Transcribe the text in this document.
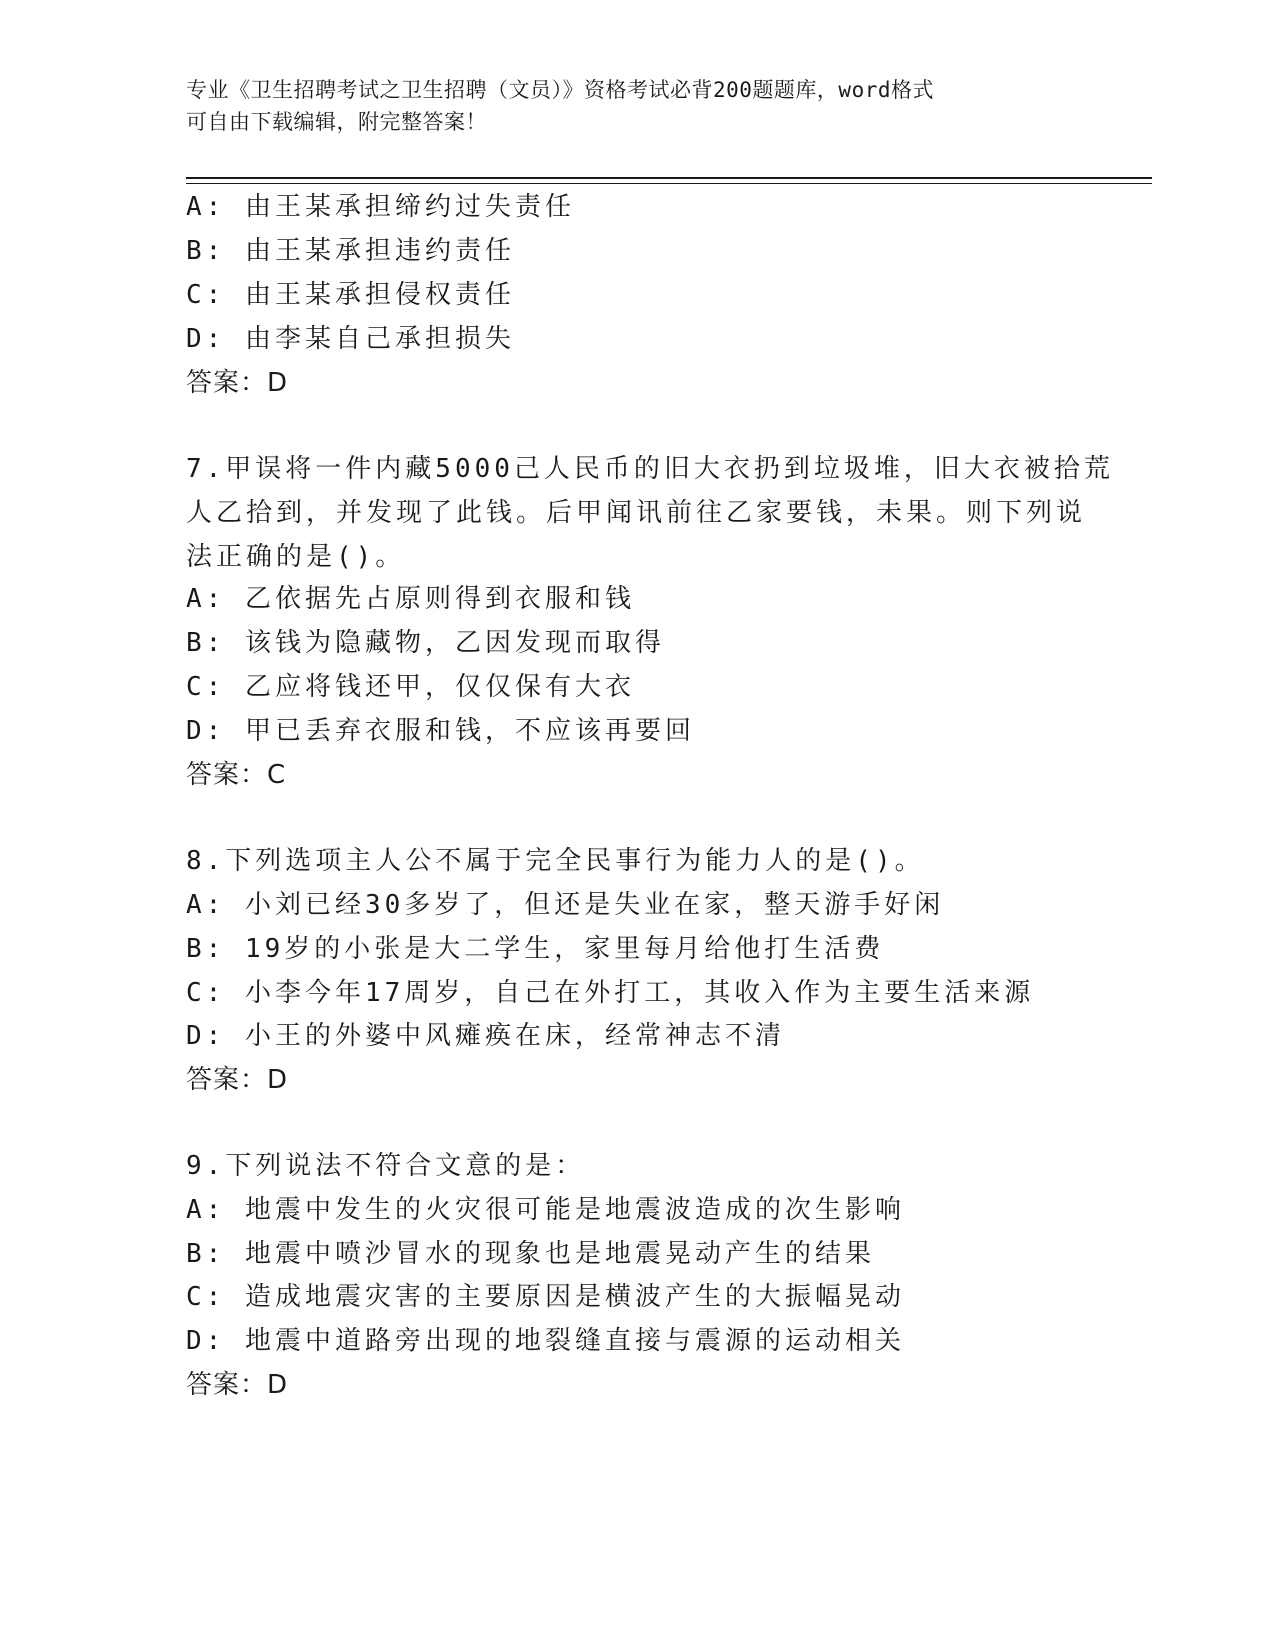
专业《卫生招聘考试之卫生招聘（文员）》资格考试必背200题题库，word格式
可自由下载编辑，附完整答案！
A: 由王某承担缔约过失责任
B: 由王某承担违约责任
C: 由王某承担侵权责任
D: 由李某自己承担损失
答案：D
7.甲误将一件内藏5000己人民币的旧大衣扔到垃圾堆，旧大衣被拾荒
人乙拾到，并发现了此钱。后甲闻讯前往乙家要钱，未果。则下列说
法正确的是()。
A: 乙依据先占原则得到衣服和钱
B: 该钱为隐藏物，乙因发现而取得
C: 乙应将钱还甲，仅仅保有大衣
D: 甲已丢弃衣服和钱，不应该再要回
答案：C
8.下列选项主人公不属于完全民事行为能力人的是()。
A: 小刘已经30多岁了，但还是失业在家，整天游手好闲
B: 19岁的小张是大二学生，家里每月给他打生活费
C: 小李今年17周岁，自己在外打工，其收入作为主要生活来源
D: 小王的外婆中风瘫痪在床，经常神志不清
答案：D
9.下列说法不符合文意的是：
A: 地震中发生的火灾很可能是地震波造成的次生影响
B: 地震中喷沙冒水的现象也是地震晃动产生的结果
C: 造成地震灾害的主要原因是横波产生的大振幅晃动
D: 地震中道路旁出现的地裂缝直接与震源的运动相关
答案：D
